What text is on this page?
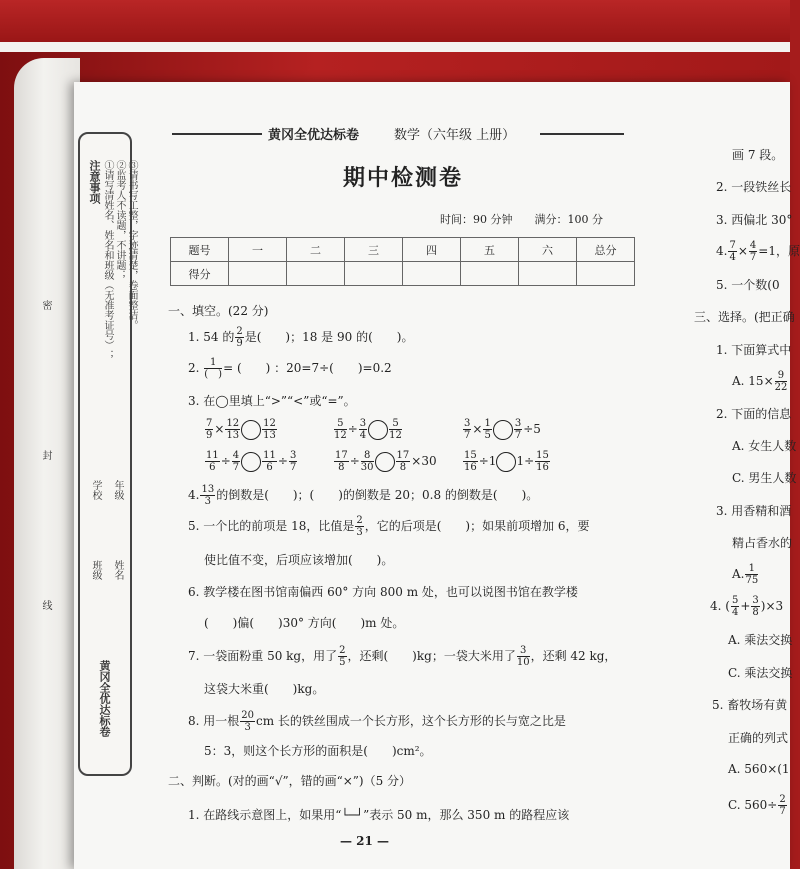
注意事项 ①请写清姓名、姓名和班级（无准考证号）； ②监考人不读题，不讲题； ③请书写工整，字迹清楚，卷面整洁。
学校
班级
年级
姓名
黄冈全优达标卷
密
封
线
黄冈全优达标卷	数学（六年级 上册）
期中检测卷
时间：90 分钟　　 满分：100 分
题号	一	二	三	四	五	六	总分
得分							
一、填空。(22 分)
1. 54 的 $\frac{2}{9}$ 是(　　)；18 是 90 的(　　)。
2. $\frac{1}{( )}$ = (　　) ：20=7÷(　　)=0.2
3. 在◯里填上“>”“<”或“=”。
$\frac{7}{9} \times \frac{12}{13} \frac{12}{13}$	$\frac{5}{12} \div \frac{3}{4} \frac{5}{12}$	$\frac{3}{7} \times \frac{1}{5} \frac{3}{7} \div 5$
$\frac{11}{6} \div \frac{4}{7} \frac{11}{6} \div \frac{3}{7}$	$\frac{17}{8} \div \frac{8}{30} \frac{17}{8} \times 30$	$\frac{15}{16} \div 1$ $1\div \frac{15}{16}$
4. $\frac{13}{3}$ 的倒数是(　　)；(　　)的倒数是 20；0.8 的倒数是(　　)。
5. 一个比的前项是 18，比值是 $\frac{2}{3}$ ，它的后项是(　　)；如果前项增加 6，要
使比值不变，后项应该增加(　　)。
6. 教学楼在图书馆南偏西 60° 方向 800 m 处，也可以说图书馆在教学楼
(　　)偏(　　)30° 方向(　　)m 处。
7. 一袋面粉重 50 kg，用了 $\frac{2}{5}$ ，还剩(　　)kg；一袋大米用了 $\frac{3}{10}$ ，还剩 42 kg，
这袋大米重(　　)kg。
8. 用一根 $\frac{20}{3}$ cm 长的铁丝围成一个长方形，这个长方形的长与宽之比是
5：3，则这个长方形的面积是(　　)cm²。
二、判断。(对的画“√”，错的画“×”)（5 分）
1. 在路线示意图上，如果用“└─┘”表示 50 m，那么 350 m 的路程应该
— 21 —
画 7 段。
2. 一段铁丝长
3. 西偏北 30°
4. $\frac{7}{4} \times \frac{4}{7} =1$，原
5. 一个数(0
三、选择。(把正确
1. 下面算式中
A. $15\times \frac{9}{22}$
2. 下面的信息
A. 女生人数
C. 男生人数
3. 用香精和酒
精占香水的
A. $\frac{1}{75}$
4. ( $\frac{5}{4} + \frac{3}{8} )\times 3$
A. 乘法交换
C. 乘法交换
5. 畜牧场有黄
正确的列式
A. 560×(1
C. $560\div \frac{2}{7}$
